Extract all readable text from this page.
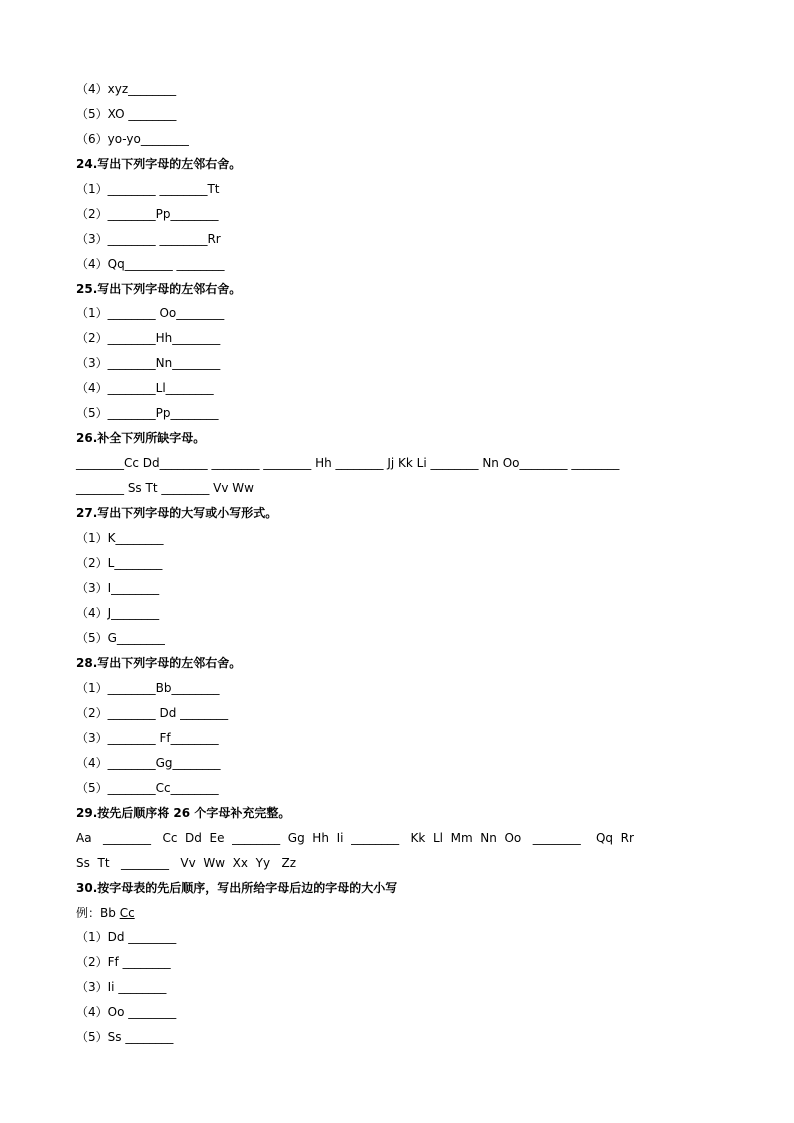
（4）xyz________
（5）XO ________
（6）yo-yo________
24.写出下列字母的左邻右舍。
（1）________ ________Tt
（2）________Pp________
（3）________ ________Rr
（4）Qq________ ________
25.写出下列字母的左邻右舍。
（1）________ Oo________
（2）________Hh________
（3）________Nn________
（4）________Ll________
（5）________Pp________
26.补全下列所缺字母。
________Cc Dd________ ________ ________ Hh ________ Jj Kk Li ________ Nn Oo________ ________
________ Ss Tt ________ Vv Ww
27.写出下列字母的大写或小写形式。
（1）K________
（2）L________
（3）I________
（4）J________
（5）G________
28.写出下列字母的左邻右舍。
（1）________Bb________
（2）________ Dd ________
（3）________ Ff________
（4）________Gg________
（5）________Cc________
29.按先后顺序将 26 个字母补充完整。
Aa   ________   Cc  Dd  Ee  ________  Gg  Hh  Ii  ________   Kk  Ll  Mm  Nn  Oo   ________    Qq  Rr
Ss  Tt   ________   Vv  Ww  Xx  Yy   Zz
30.按字母表的先后顺序，写出所给字母后边的字母的大小写
例：Bb Cc
（1）Dd ________
（2）Ff ________
（3）Ii ________
（4）Oo ________
（5）Ss ________
